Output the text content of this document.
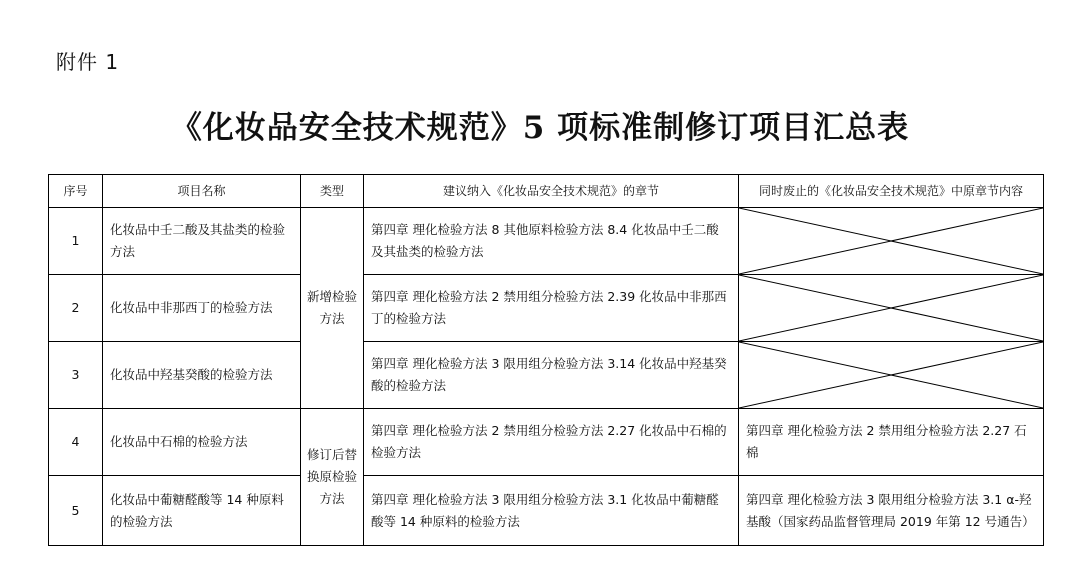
附件 1
《化妆品安全技术规范》5 项标准制修订项目汇总表
序号	项目名称	类型	建议纳入《化妆品安全技术规范》的章节	同时废止的《化妆品安全技术规范》中原章节内容
1	化妆品中壬二酸及其盐类的检验方法	新增检验方法	第四章 理化检验方法 8 其他原料检验方法 8.4 化妆品中壬二酸及其盐类的检验方法	

2	化妆品中非那西丁的检验方法		第四章 理化检验方法 2 禁用组分检验方法 2.39 化妆品中非那西丁的检验方法	

3	化妆品中羟基癸酸的检验方法		第四章 理化检验方法 3 限用组分检验方法 3.14 化妆品中羟基癸酸的检验方法	

4	化妆品中石棉的检验方法	修订后替换原检验方法	第四章 理化检验方法 2 禁用组分检验方法 2.27 化妆品中石棉的检验方法	第四章 理化检验方法 2 禁用组分检验方法 2.27 石棉
5	化妆品中葡糖醛酸等 14 种原料的检验方法		第四章 理化检验方法 3 限用组分检验方法 3.1 化妆品中葡糖醛酸等 14 种原料的检验方法	第四章 理化检验方法 3 限用组分检验方法 3.1 α-羟基酸（国家药品监督管理局 2019 年第 12 号通告）
